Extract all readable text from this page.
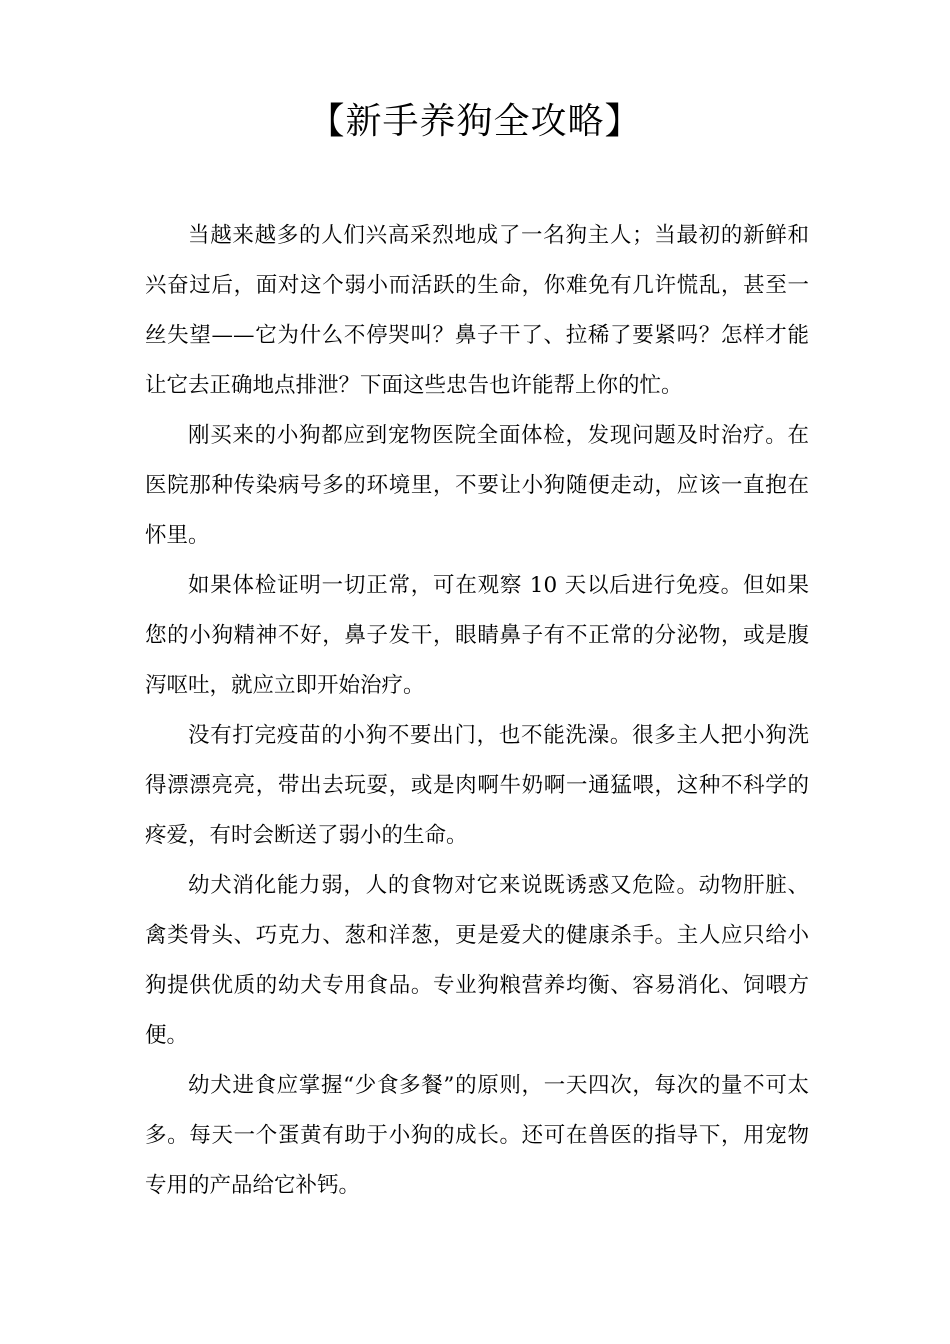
【新手养狗全攻略】

当越来越多的人们兴高采烈地成了一名狗主人；当最初的新鲜和兴奋过后，面对这个弱小而活跃的生命，你难免有几许慌乱，甚至一丝失望——它为什么不停哭叫？鼻子干了、拉稀了要紧吗？怎样才能让它去正确地点排泄？下面这些忠告也许能帮上你的忙。

刚买来的小狗都应到宠物医院全面体检，发现问题及时治疗。在医院那种传染病号多的环境里，不要让小狗随便走动，应该一直抱在怀里。

如果体检证明一切正常，可在观察 10 天以后进行免疫。但如果您的小狗精神不好，鼻子发干，眼睛鼻子有不正常的分泌物，或是腹泻呕吐，就应立即开始治疗。

没有打完疫苗的小狗不要出门，也不能洗澡。很多主人把小狗洗得漂漂亮亮，带出去玩耍，或是肉啊牛奶啊一通猛喂，这种不科学的疼爱，有时会断送了弱小的生命。

幼犬消化能力弱，人的食物对它来说既诱惑又危险。动物肝脏、禽类骨头、巧克力、葱和洋葱，更是爱犬的健康杀手。主人应只给小狗提供优质的幼犬专用食品。专业狗粮营养均衡、容易消化、饲喂方便。

幼犬进食应掌握“少食多餐”的原则，一天四次，每次的量不可太多。每天一个蛋黄有助于小狗的成长。还可在兽医的指导下，用宠物专用的产品给它补钙。
